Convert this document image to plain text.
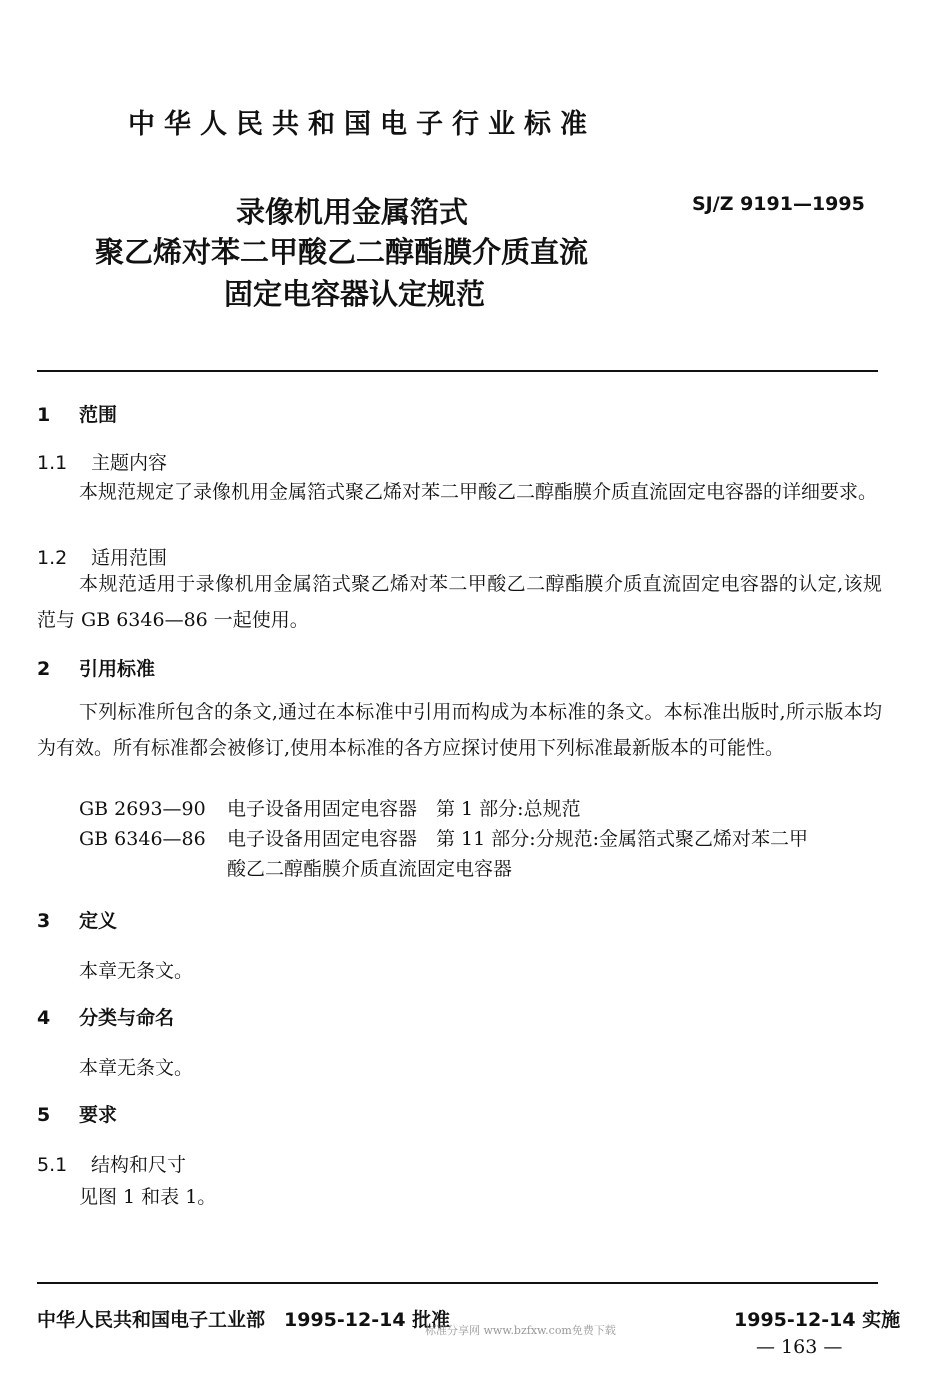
中华人民共和国电子行业标准
录像机用金属箔式
聚乙烯对苯二甲酸乙二醇酯膜介质直流
固定电容器认定规范
SJ/Z 9191—1995
1 范围
1.1 主题内容
本规范规定了录像机用金属箔式聚乙烯对苯二甲酸乙二醇酯膜介质直流固定电容器的详细要求。
1.2 适用范围
本规范适用于录像机用金属箔式聚乙烯对苯二甲酸乙二醇酯膜介质直流固定电容器的认定,该规范与 GB 6346—86 一起使用。
2 引用标准
下列标准所包含的条文,通过在本标准中引用而构成为本标准的条文。本标准出版时,所示版本均为有效。所有标准都会被修订,使用本标准的各方应探讨使用下列标准最新版本的可能性。
GB 2693—90 电子设备用固定电容器　第 1 部分:总规范
GB 6346—86 电子设备用固定电容器　第 11 部分:分规范:金属箔式聚乙烯对苯二甲
酸乙二醇酯膜介质直流固定电容器
3 定义
本章无条文。
4 分类与命名
本章无条文。
5 要求
5.1 结构和尺寸
见图 1 和表 1。
中华人民共和国电子工业部　1995-12-14 批准	1995-12-14 实施
标准分享网 www.bzfxw.com免费下载
— 163 —
